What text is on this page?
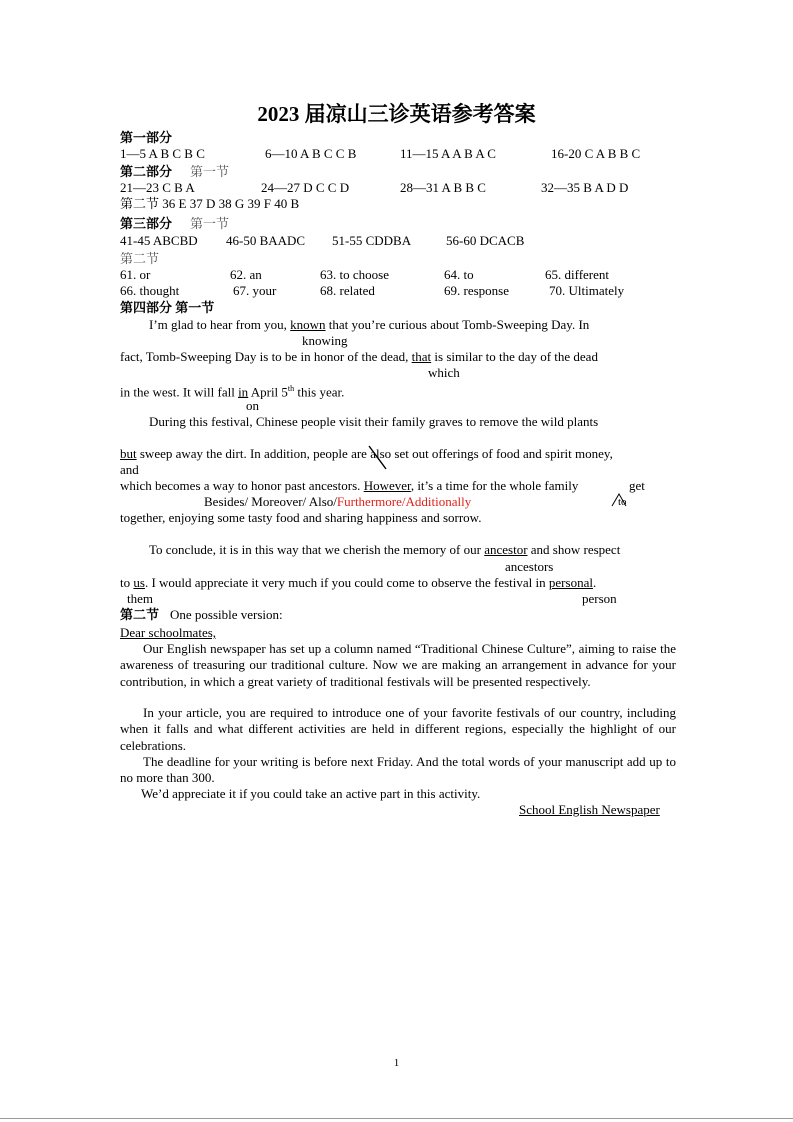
2023 届凉山三诊英语参考答案
第一部分
1—5 A B C B C	6—10 A B C C B	11—15 A A B A C	16-20 C A B B C
第二部分 第一节
21—23 C B A	24—27 D C C D	28—31 A B B C	32—35 B A D D
第二节 36 E 37 D 38 G 39 F 40 B
第三部分 第一节
41-45 ABCBD 46-50 BAADC 51-55 CDDBA	56-60 DCACB
第二节
61. or	62. an	63. to choose	64. to	65. different
66. thought	67. your	68. related	69. response	70. Ultimately
第四部分 第一节
I’m glad to hear from you, known that you’re curious about Tomb-Sweeping Day. In
knowing
fact, Tomb-Sweeping Day is to be in honor of the dead, that is similar to the day of the dead
which
in the west. It will fall in April 5th this year.
on
During this festival, Chinese people visit their family graves to remove the wild plants
but sweep away the dirt. In addition, people are also set out offerings of food and spirit money,
and
which becomes a way to honor past ancestors. However, it’s a time for the whole family	get
Besides/ Moreover/ Also/Furthermore/Additionally	to
together, enjoying some tasty food and sharing happiness and sorrow.
To conclude, it is in this way that we cherish the memory of our ancestor and show respect
ancestors
to us. I would appreciate it very much if you could come to observe the festival in personal.
them	person
第二节 One possible version:
Dear schoolmates,
Our English newspaper has set up a column named “Traditional Chinese Culture”, aiming to raise the awareness of treasuring our traditional culture. Now we are making an arrangement in advance for your contribution, in which a great variety of traditional festivals will be presented respectively.
In your article, you are required to introduce one of your favorite festivals of our country, including when it falls and what different activities are held in different regions, especially the highlight of our celebrations.
The deadline for your writing is before next Friday. And the total words of your manuscript add up to no more than 300.
We’d appreciate it if you could take an active part in this activity.
School English Newspaper
1
